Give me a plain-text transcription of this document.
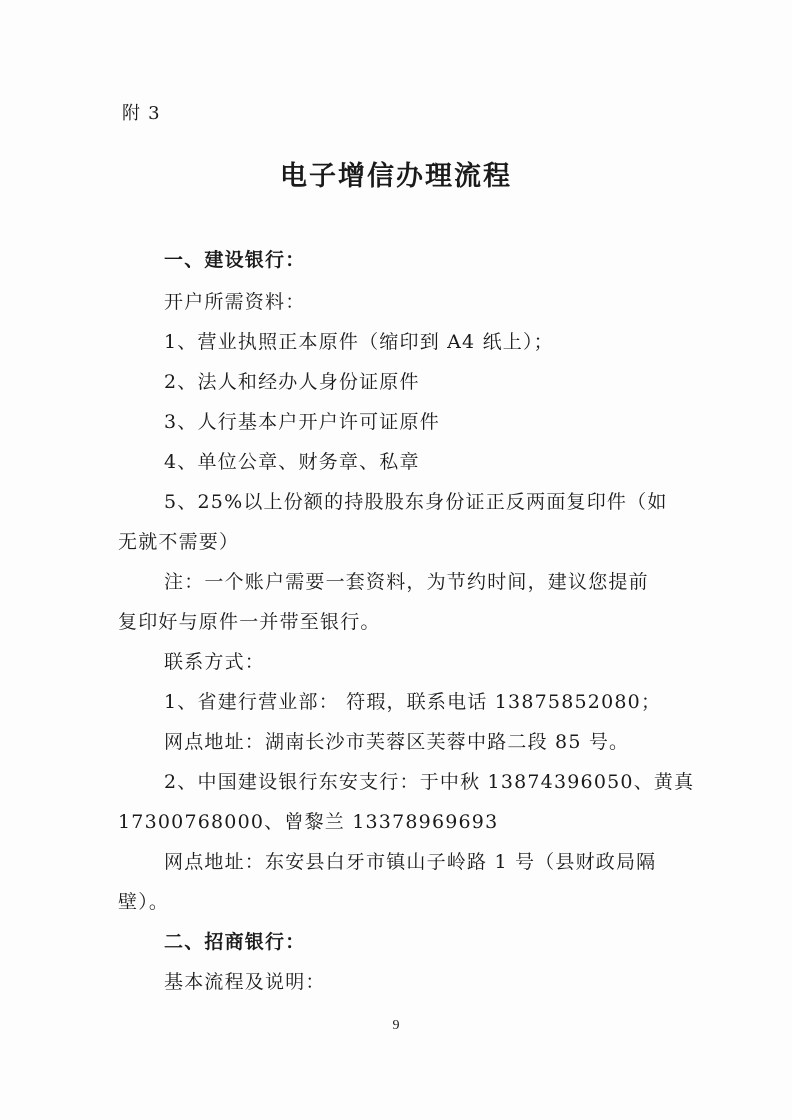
附 3
电子增信办理流程
一、建设银行：
开户所需资料：
1、营业执照正本原件（缩印到 A4 纸上）；
2、法人和经办人身份证原件
3、人行基本户开户许可证原件
4、单位公章、财务章、私章
5、25%以上份额的持股股东身份证正反两面复印件（如
无就不需要）
注：一个账户需要一套资料，为节约时间，建议您提前
复印好与原件一并带至银行。
联系方式：
1、省建行营业部： 符瑕，联系电话 13875852080；
网点地址：湖南长沙市芙蓉区芙蓉中路二段 85 号。
2、中国建设银行东安支行：于中秋 13874396050、黄真
17300768000、曾黎兰 13378969693
网点地址：东安县白牙市镇山子岭路 1 号（县财政局隔
壁）。
二、招商银行：
基本流程及说明：
9
